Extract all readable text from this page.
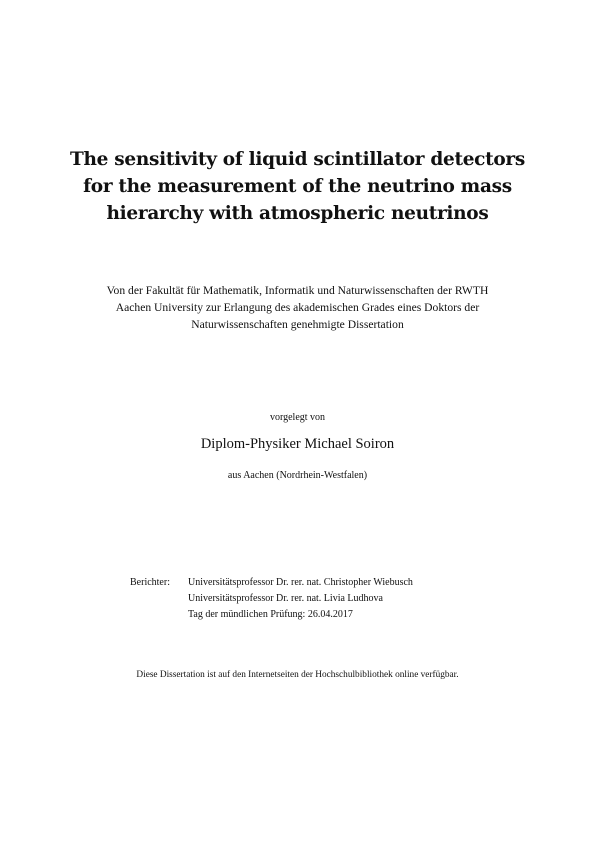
The sensitivity of liquid scintillator detectors
for the measurement of the neutrino mass
hierarchy with atmospheric neutrinos
Von der Fakultät für Mathematik, Informatik und Naturwissenschaften der RWTH
Aachen University zur Erlangung des akademischen Grades eines Doktors der
Naturwissenschaften genehmigte Dissertation
vorgelegt von
Diplom-Physiker Michael Soiron
aus Aachen (Nordrhein-Westfalen)
Berichter:	Universitätsprofessor Dr. rer. nat. Christopher Wiebusch
Universitätsprofessor Dr. rer. nat. Livia Ludhova
Tag der mündlichen Prüfung: 26.04.2017
Diese Dissertation ist auf den Internetseiten der Hochschulbibliothek online verfügbar.
